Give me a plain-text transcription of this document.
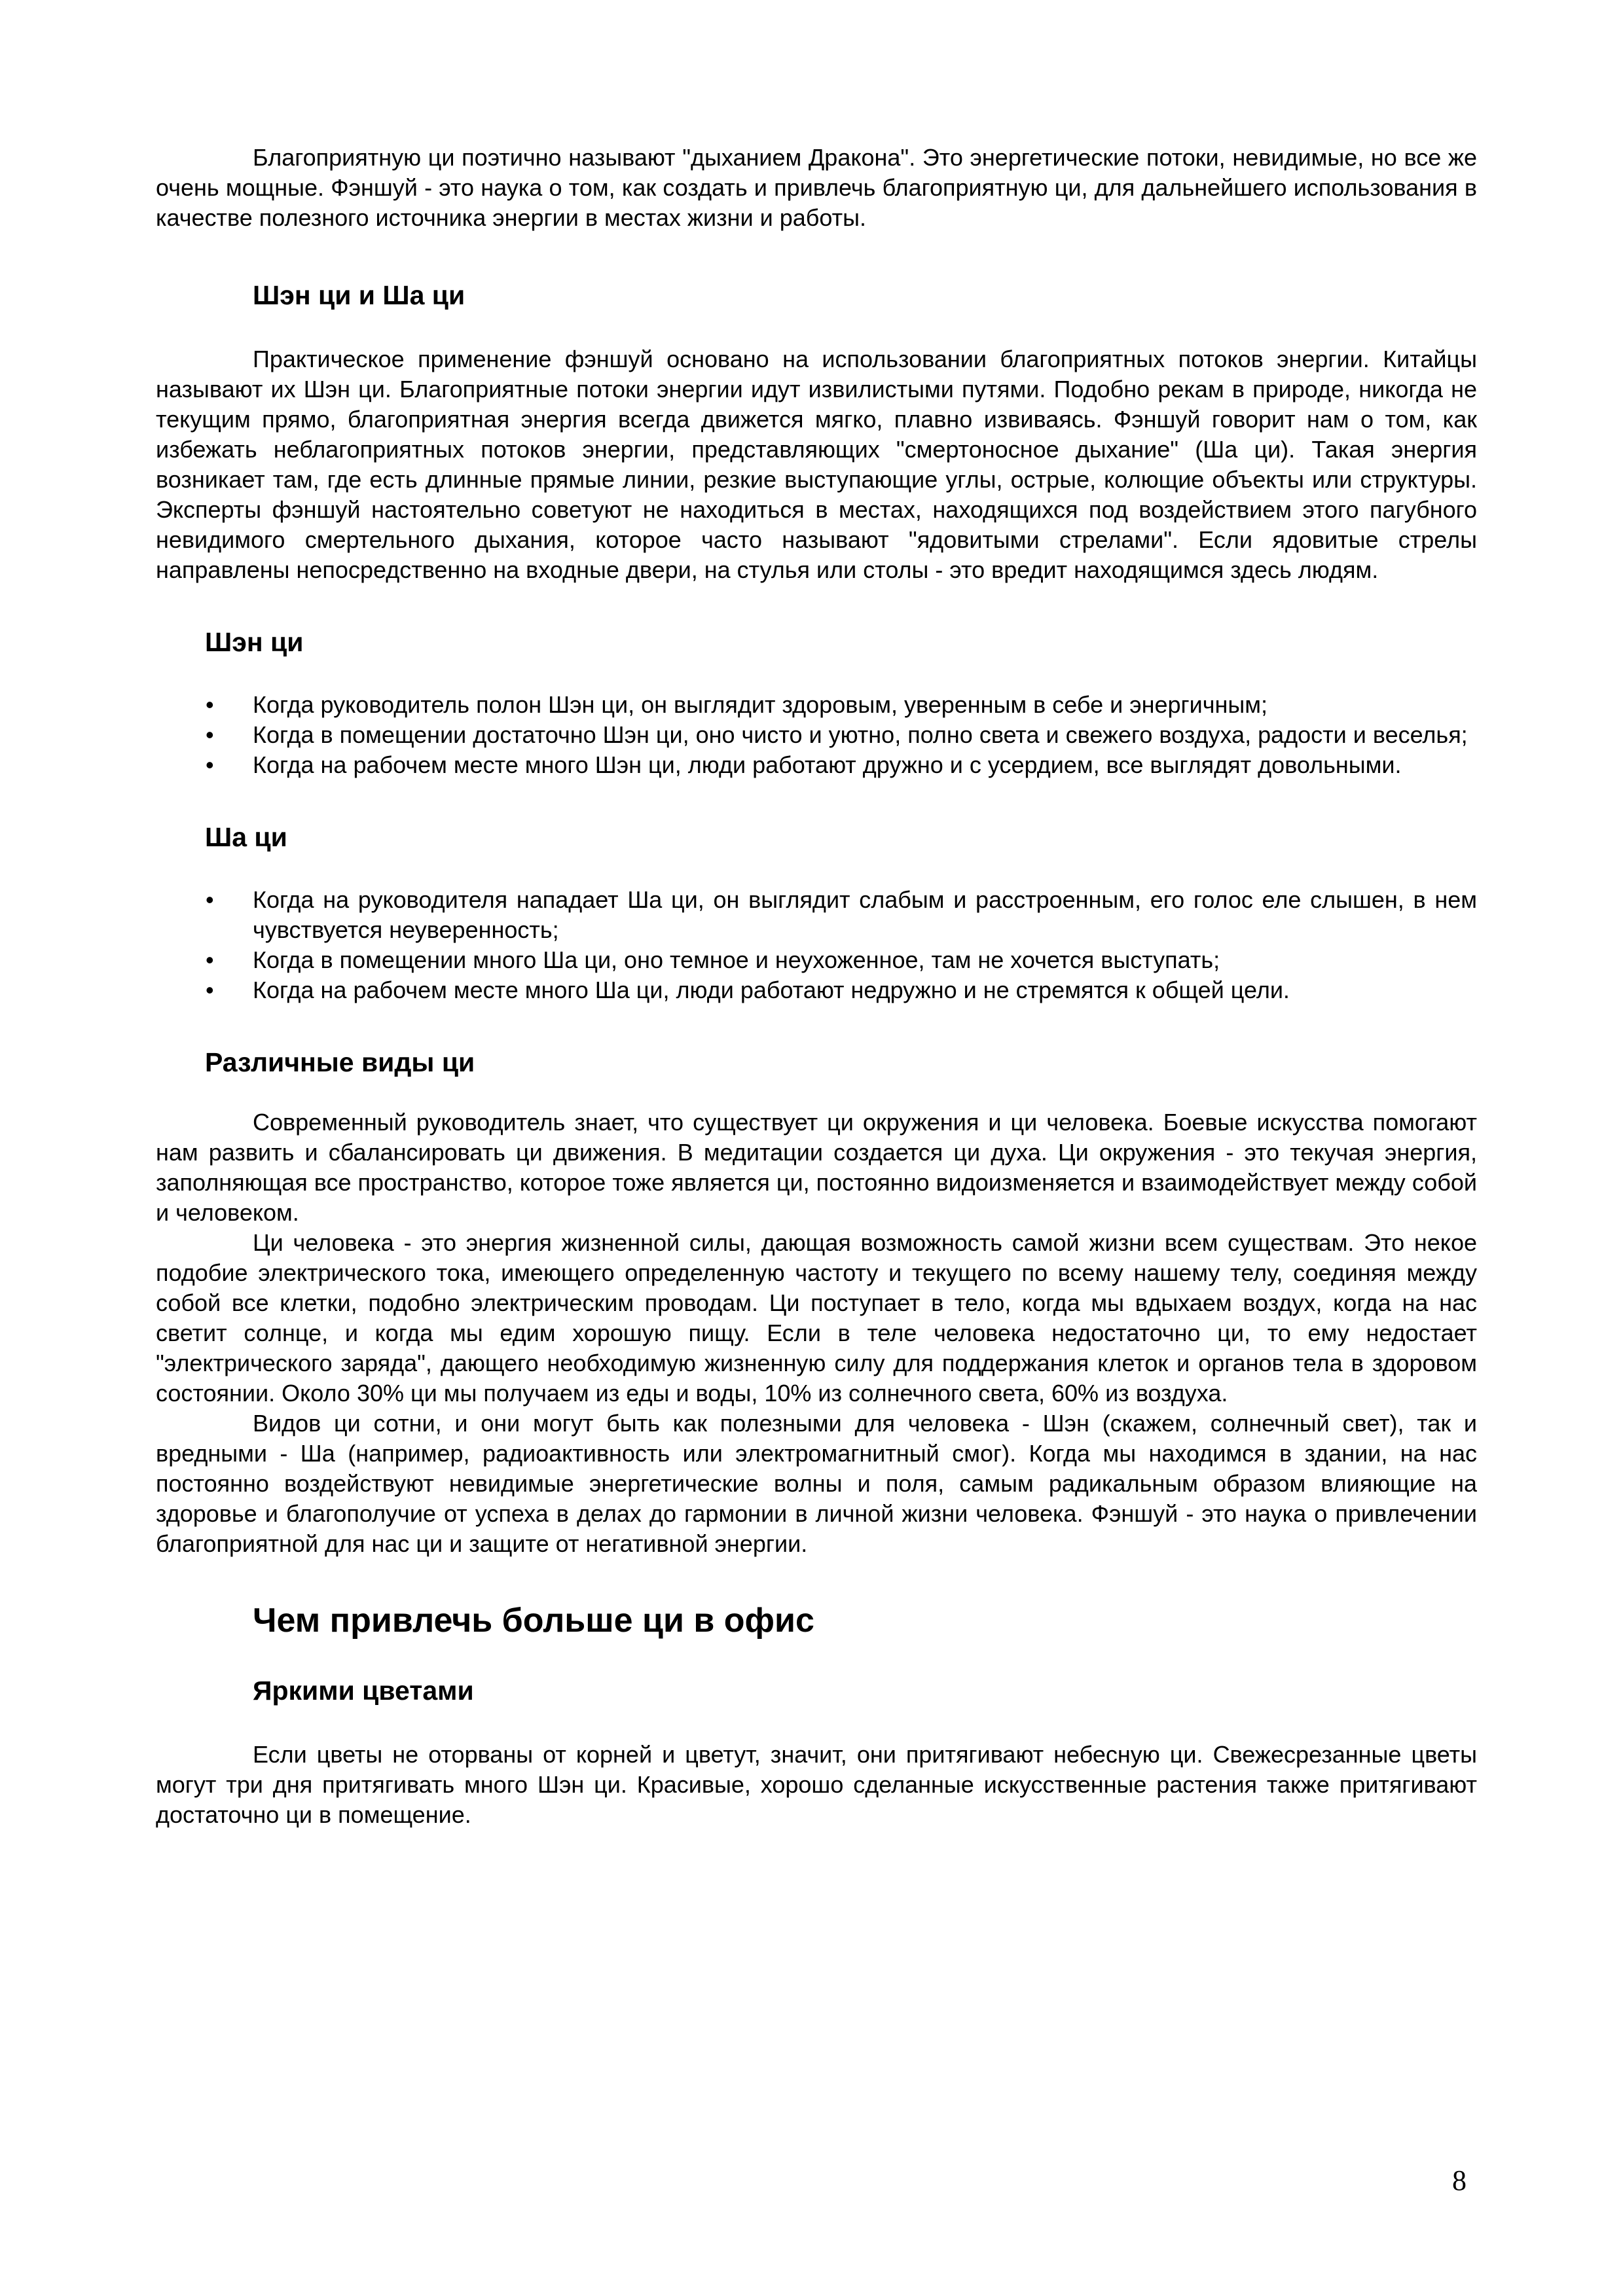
Благоприятную ци поэтично называют "дыханием Дракона". Это энергетические потоки, невидимые, но все же очень мощные. Фэншуй - это наука о том, как создать и привлечь благоприятную ци, для дальнейшего использования в качестве полезного источника энергии в местах жизни и работы.

Шэн ци и Ша ци

Практическое применение фэншуй основано на использовании благоприятных потоков энергии. Китайцы называют их Шэн ци. Благоприятные потоки энергии идут извилистыми путями. Подобно рекам в природе, никогда не текущим прямо, благоприятная энергия всегда движется мягко, плавно извиваясь. Фэншуй говорит нам о том, как избежать неблагоприятных потоков энергии, представляющих "смертоносное дыхание" (Ша ци). Такая энергия возникает там, где есть длинные прямые линии, резкие выступающие углы, острые, колющие объекты или структуры. Эксперты фэншуй настоятельно советуют не находиться в местах, находящихся под воздействием этого пагубного невидимого смертельного дыхания, которое часто называют "ядовитыми стрелами". Если ядовитые стрелы направлены непосредственно на входные двери, на стулья или столы - это вредит находящимся здесь людям.

Шэн ци
• Когда руководитель полон Шэн ци, он выглядит здоровым, уверенным в себе и энергичным;
• Когда в помещении достаточно Шэн ци, оно чисто и уютно, полно света и свежего воздуха, радости и веселья;
• Когда на рабочем месте много Шэн ци, люди работают дружно и с усердием, все выглядят довольными.
Ша ци
• Когда на руководителя нападает Ша ци, он выглядит слабым и расстроенным, его голос еле слышен, в нем чувствуется неуверенность;
• Когда в помещении много Ша ци, оно темное и неухоженное, там не хочется выступать;
• Когда на рабочем месте много Ша ци, люди работают недружно и не стремятся к общей цели.
Различные виды ци

Современный руководитель знает, что существует ци окружения и ци человека. Боевые искусства помогают нам развить и сбалансировать ци движения. В медитации создается ци духа. Ци окружения - это текучая энергия, заполняющая все пространство, которое тоже является ци, постоянно видоизменяется и взаимодействует между собой и человеком.

Ци человека - это энергия жизненной силы, дающая возможность самой жизни всем существам. Это некое подобие электрического тока, имеющего определенную частоту и текущего по всему нашему телу, соединяя между собой все клетки, подобно электрическим проводам. Ци поступает в тело, когда мы вдыхаем воздух, когда на нас светит солнце, и когда мы едим хорошую пищу. Если в теле человека недостаточно ци, то ему недостает "электрического заряда", дающего необходимую жизненную силу для поддержания клеток и органов тела в здоровом состоянии. Около 30% ци мы получаем из еды и воды, 10% из солнечного света, 60% из воздуха.

Видов ци сотни, и они могут быть как полезными для человека - Шэн (скажем, солнечный свет), так и вредными - Ша (например, радиоактивность или электромагнитный смог). Когда мы находимся в здании, на нас постоянно воздействуют невидимые энергетические волны и поля, самым радикальным образом влияющие на здоровье и благополучие от успеха в делах до гармонии в личной жизни человека. Фэншуй - это наука о привлечении благоприятной для нас ци и защите от негативной энергии.

Чем привлечь больше ци в офис
Яркими цветами

Если цветы не оторваны от корней и цветут, значит, они притягивают небесную ци. Свежесрезанные цветы могут три дня притягивать много Шэн ци. Красивые, хорошо сделанные искусственные растения также притягивают достаточно ци в помещение.

8
